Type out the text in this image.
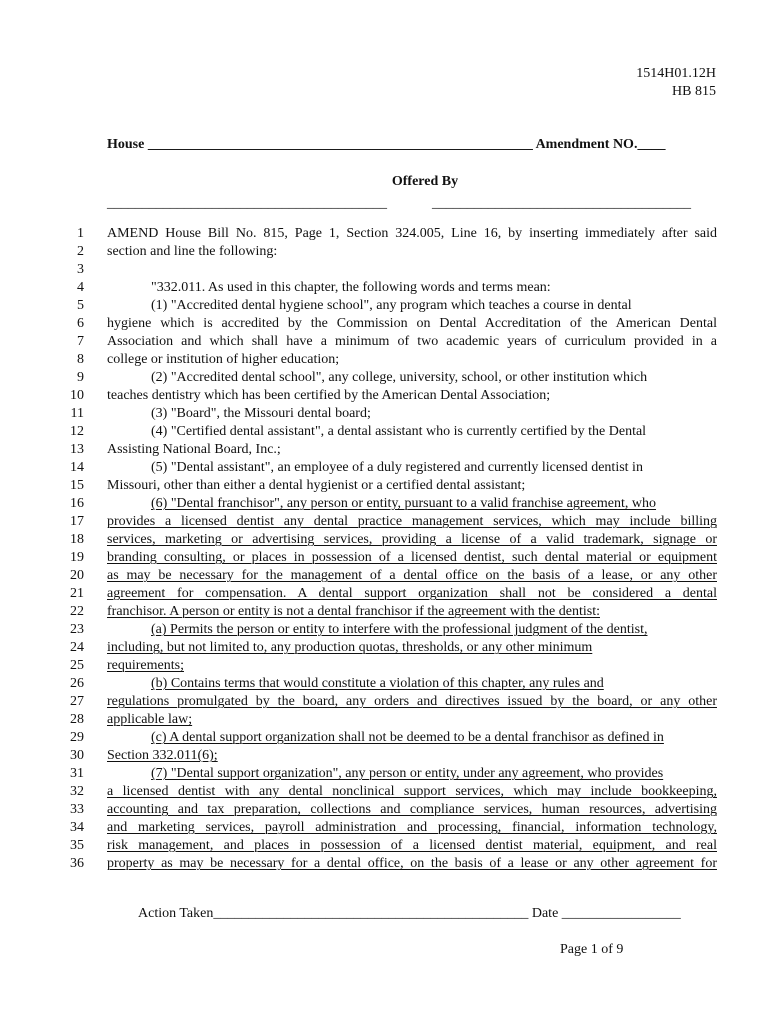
1514H01.12H
HB 815
House _______________________________________________________ Amendment NO.____
Offered By
________________________________________	_____________________________________
1 AMEND House Bill No. 815, Page 1, Section 324.005, Line 16, by inserting immediately after said
2 section and line the following:
3
4	"332.011. As used in this chapter, the following words and terms mean:
5	(1) "Accredited dental hygiene school", any program which teaches a course in dental
6 hygiene which is accredited by the Commission on Dental Accreditation of the American Dental
7 Association and which shall have a minimum of two academic years of curriculum provided in a
8 college or institution of higher education;
9	(2) "Accredited dental school", any college, university, school, or other institution which
10 teaches dentistry which has been certified by the American Dental Association;
11	(3) "Board", the Missouri dental board;
12	(4) "Certified dental assistant", a dental assistant who is currently certified by the Dental
13 Assisting National Board, Inc.;
14	(5) "Dental assistant", an employee of a duly registered and currently licensed dentist in
15 Missouri, other than either a dental hygienist or a certified dental assistant;
16	(6) "Dental franchisor", any person or entity, pursuant to a valid franchise agreement, who
17 provides a licensed dentist any dental practice management services, which may include billing
18 services, marketing or advertising services, providing a license of a valid trademark, signage or
19 branding consulting, or places in possession of a licensed dentist, such dental material or equipment
20 as may be necessary for the management of a dental office on the basis of a lease, or any other
21 agreement for compensation. A dental support organization shall not be considered a dental
22 franchisor. A person or entity is not a dental franchisor if the agreement with the dentist:
23	(a) Permits the person or entity to interfere with the professional judgment of the dentist,
24 including, but not limited to, any production quotas, thresholds, or any other minimum
25 requirements;
26	(b) Contains terms that would constitute a violation of this chapter, any rules and
27 regulations promulgated by the board, any orders and directives issued by the board, or any other
28 applicable law;
29	(c) A dental support organization shall not be deemed to be a dental franchisor as defined in
30 Section 332.011(6);
31	(7) "Dental support organization", any person or entity, under any agreement, who provides
32 a licensed dentist with any dental nonclinical support services, which may include bookkeeping,
33 accounting and tax preparation, collections and compliance services, human resources, advertising
34 and marketing services, payroll administration and processing, financial, information technology,
35 risk management, and places in possession of a licensed dentist material, equipment, and real
36 property as may be necessary for a dental office, on the basis of a lease or any other agreement for
Action Taken_____________________________________________ Date _________________
Page 1 of 9
